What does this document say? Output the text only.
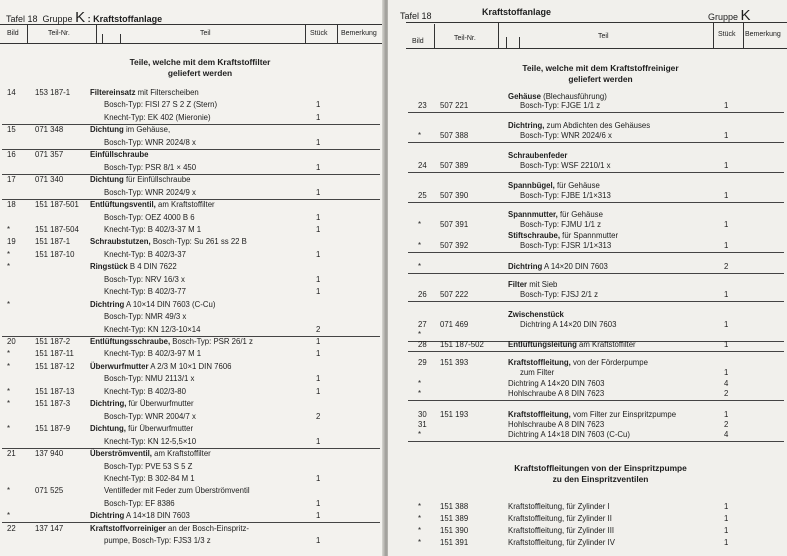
Tafel 18 Gruppe K : Kraftstoffanlage
Bild	Teil-Nr.	Teil	Stück Bemerkung
Teile, welche mit dem Kraftstoffilter
geliefert werden
14 153 187-1	Filtereinsatz mit Filterscheiben
Bosch-Typ: FISI 27 S 2 Z (Stern)	1
Knecht-Typ: EK 402 (Mieronie)	1
15 071 348	Dichtung im Gehäuse,
Bosch-Typ: WNR 2024/8 x	1
16 071 357	Einfüllschraube
Bosch-Typ: PSR 8/1 × 450	1
17 071 340	Dichtung für Einfüllschraube
Bosch-Typ: WNR 2024/9 x	1
18 151 187-501 Entlüftungsventil, am Kraftstoffilter
Bosch-Typ: OEZ 4000 B 6	1
*	151 187-504	Knecht-Typ: B 402/3-37 M 1	1
19 151 187-1	Schraubstutzen, Bosch-Typ: Su 261 ss 22 B
*	151 187-10	Knecht-Typ: B 402/3-37	1
*	Ringstück B 4 DIN 7622
Bosch-Typ: NRV 16/3 x	1
Knecht-Typ: B 402/3-77	1
*	Dichtring A 10×14 DIN 7603 (C-Cu)
Bosch-Typ: NMR 49/3 x
Knecht-Typ: KN 12/3-10×14	2
20 151 187-2	Entlüftungsschraube, Bosch-Typ: PSR 26/1 z	1
*	151 187-11	Knecht-Typ: B 402/3-97 M 1	1
*	151 187-12 Überwurfmutter A 2/3 M 10×1 DIN 7606
Bosch-Typ: NMU 2113/1 x	1
*	151 187-13	Knecht-Typ: B 402/3-80	1
*	151 187-3	Dichtring, für Überwurfmutter
Bosch-Typ: WNR 2004/7 x	2
*	151 187-9	Dichtung, für Überwurfmutter
Knecht-Typ: KN 12-5,5×10	1
21 137 940	Überströmventil, am Kraftstoffilter
Bosch-Typ: PVE 53 S 5 Z
Knecht-Typ: B 302-84 M 1	1
*	071 525	Ventilfeder mit Feder zum Überströmventil
Bosch-Typ: EF 8386	1
*	Dichtring A 14×18 DIN 7603	1
22 137 147	Kraftstoffvorreiniger an der Bosch-Einspritz-
pumpe, Bosch-Typ: FJS3 1/3 z	1
Tafel 18	Kraftstoffanlage	Gruppe K
Bild	Teil-Nr.	Teil	Stück Bemerkung
Teile, welche mit dem Kraftstoffreiniger
geliefert werden
Kraftstoffleitungen von der Einspritzpumpe
zu den Einspritzventilen
Gehäuse (Blechausführung)
23 507 221	Bosch-Typ: FJGE 1/1 z	1
Dichtring, zum Abdichten des Gehäuses
* 507 388	Bosch-Typ: WNR 2024/6 x	1
Schraubenfeder
24 507 389	Bosch-Typ: WSF 2210/1 x	1
Spannbügel, für Gehäuse
25 507 390	Bosch-Typ: FJBE 1/1×313	1
Spannmutter, für Gehäuse
* 507 391	Bosch-Typ: FJMU 1/1 z	1
Stiftschraube, für Spannmutter
* 507 392	Bosch-Typ: FJSR 1/1×313	1
*	Dichtring A 14×20 DIN 7603	2
Filter mit Sieb
26 507 222	Bosch-Typ: FJSJ 2/1 z	1
Zwischenstück
27 071 469	Dichtring A 14×20 DIN 7603	1
*
28 151 187-502	Entlüftungsleitung am Kraftstoffilter	1
29 151 393	Kraftstoffleitung, von der Förderpumpe
zum Filter	1
*	Dichtring A 14×20 DIN 7603	4
*	Hohlschraube A 8 DIN 7623	2
30 151 193	Kraftstoffleitung, vom Filter zur Einspritzpumpe	1
31	Hohlschraube A 8 DIN 7623	2
*	Dichtring A 14×18 DIN 7603 (C-Cu)	4
* 151 388	Kraftstoffleitung, für Zylinder I	1
* 151 389	Kraftstoffleitung, für Zylinder II	1
* 151 390	Kraftstoffleitung, für Zylinder III	1
* 151 391	Kraftstoffleitung, für Zylinder IV	1
